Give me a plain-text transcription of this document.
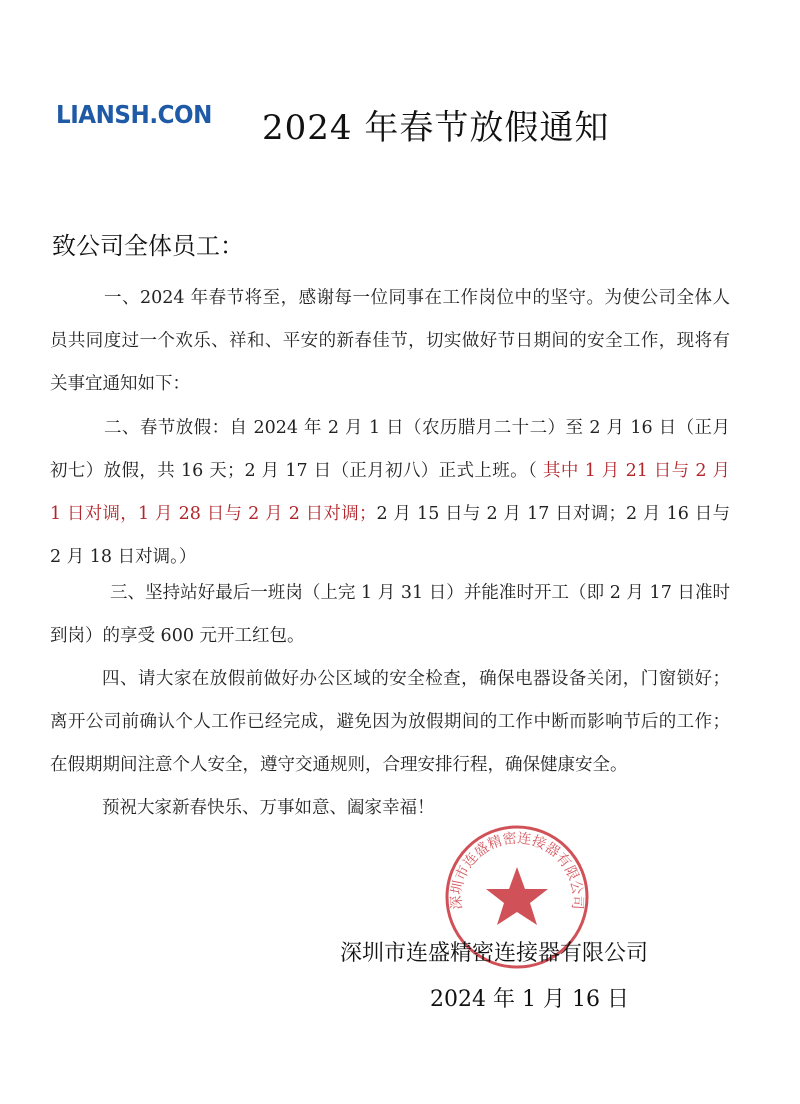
LIANSH.CON 2024 年春节放假通知
致公司全体员工：
一、2024 年春节将至，感谢每一位同事在工作岗位中的坚守。为使公司全体人员共同度过一个欢乐、祥和、平安的新春佳节，切实做好节日期间的安全工作，现将有关事宜通知如下：
二、春节放假：自 2024 年 2 月 1 日（农历腊月二十二）至 2 月 16 日（正月初七）放假，共 16 天；2 月 17 日（正月初八）正式上班。（ 其中 1 月 21 日与 2 月 1 日对调，1 月 28 日与 2 月 2 日对调；2 月 15 日与 2 月 17 日对调；2 月 16 日与 2 月 18 日对调。）
三、坚持站好最后一班岗（上完 1 月 31 日）并能准时开工（即 2 月 17 日准时到岗）的享受 600 元开工红包。
四、请大家在放假前做好办公区域的安全检查，确保电器设备关闭，门窗锁好；离开公司前确认个人工作已经完成，避免因为放假期间的工作中断而影响节后的工作；在假期期间注意个人安全，遵守交通规则，合理安排行程，确保健康安全。
预祝大家新春快乐、万事如意、阖家幸福！
深圳市连盛精密连接器有限公司
深圳市连盛精密连接器有限公司
2024 年 1 月 16 日
